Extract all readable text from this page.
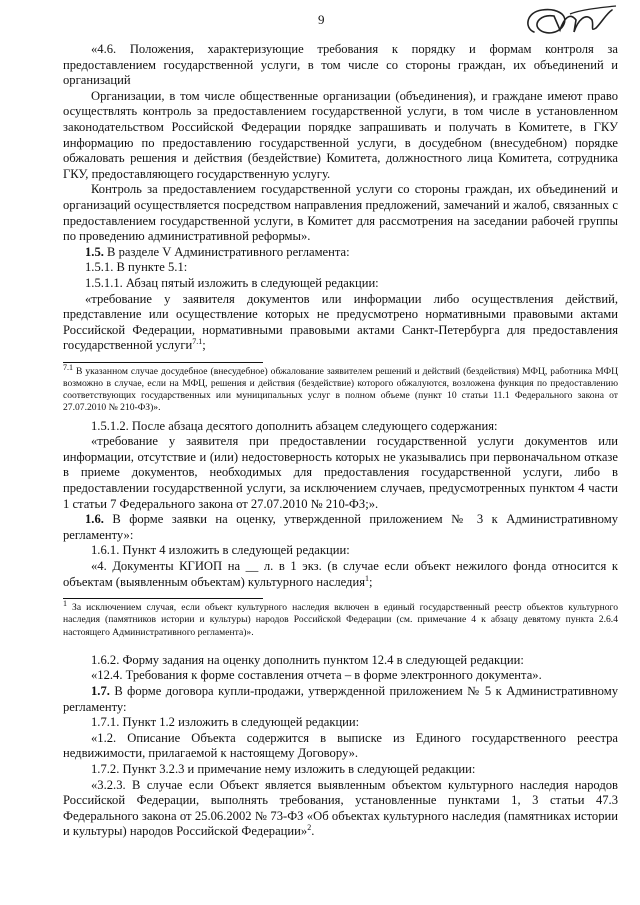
9

«4.6. Положения, характеризующие требования к порядку и формам контроля за предоставлением государственной услуги, в том числе со стороны граждан, их объединений и организаций

Организации, в том числе общественные организации (объединения), и граждане имеют право осуществлять контроль за предоставлением государственной услуги, в том числе в установленном законодательством Российской Федерации порядке запрашивать и получать в Комитете, в ГКУ информацию по предоставлению государственной услуги, в досудебном (внесудебном) порядке обжаловать решения и действия (бездействие) Комитета, должностного лица Комитета, сотрудника ГКУ, предоставляющего государственную услугу.

Контроль за предоставлением государственной услуги со стороны граждан, их объединений и организаций осуществляется посредством направления предложений, замечаний и жалоб, связанных с предоставлением государственной услуги, в Комитет для рассмотрения на заседании рабочей группы по проведению административной реформы».

1.5. В разделе V Административного регламента:

1.5.1. В пункте 5.1:

1.5.1.1. Абзац пятый изложить в следующей редакции:

«требование у заявителя документов или информации либо осуществления действий, представление или осуществление которых не предусмотрено нормативными правовыми актами Российской Федерации, нормативными правовыми актами Санкт-Петербурга для предоставления государственной услуги$^{7.1}$;

$^{7.1}$ В указанном случае досудебное (внесудебное) обжалование заявителем решений и действий (бездействия) МФЦ, работника МФЦ возможно в случае, если на МФЦ, решения и действия (бездействие) которого обжалуются, возложена функция по предоставлению соответствующих государственных или муниципальных услуг в полном объеме (пункт 10 статьи 11.1 Федерального закона от 27.07.2010 № 210-ФЗ)».

1.5.1.2. После абзаца десятого дополнить абзацем следующего содержания:

«требование у заявителя при предоставлении государственной услуги документов или информации, отсутствие и (или) недостоверность которых не указывались при первоначальном отказе в приеме документов, необходимых для предоставления государственной услуги, либо в предоставлении государственной услуги, за исключением случаев, предусмотренных пунктом 4 части 1 статьи 7 Федерального закона от 27.07.2010 № 210-ФЗ;».

1.6. В форме заявки на оценку, утвержденной приложением № 3 к Административному регламенту»:

1.6.1. Пункт 4 изложить в следующей редакции:

«4. Документы КГИОП на __ л. в 1 экз. (в случае если объект нежилого фонда относится к объектам (выявленным объектам) культурного наследия$^1$;

$^1$ За исключением случая, если объект культурного наследия включен в единый государственный реестр объектов культурного наследия (памятников истории и культуры) народов Российской Федерации (см. примечание 4 к абзацу девятому пункта 2.6.4 настоящего Административного регламента)».

1.6.2. Форму задания на оценку дополнить пунктом 12.4 в следующей редакции:

«12.4. Требования к форме составления отчета – в форме электронного документа».

1.7. В форме договора купли-продажи, утвержденной приложением № 5 к Административному регламенту:

1.7.1. Пункт 1.2 изложить в следующей редакции:

«1.2. Описание Объекта содержится в выписке из Единого государственного реестра недвижимости, прилагаемой к настоящему Договору».

1.7.2. Пункт 3.2.3 и примечание нему изложить в следующей редакции:

«3.2.3. В случае если Объект является выявленным объектом культурного наследия народов Российской Федерации, выполнять требования, установленные пунктами 1, 3 статьи 47.3 Федерального закона от 25.06.2002 № 73-ФЗ «Об объектах культурного наследия (памятниках истории и культуры) народов Российской Федерации»$^2$.
